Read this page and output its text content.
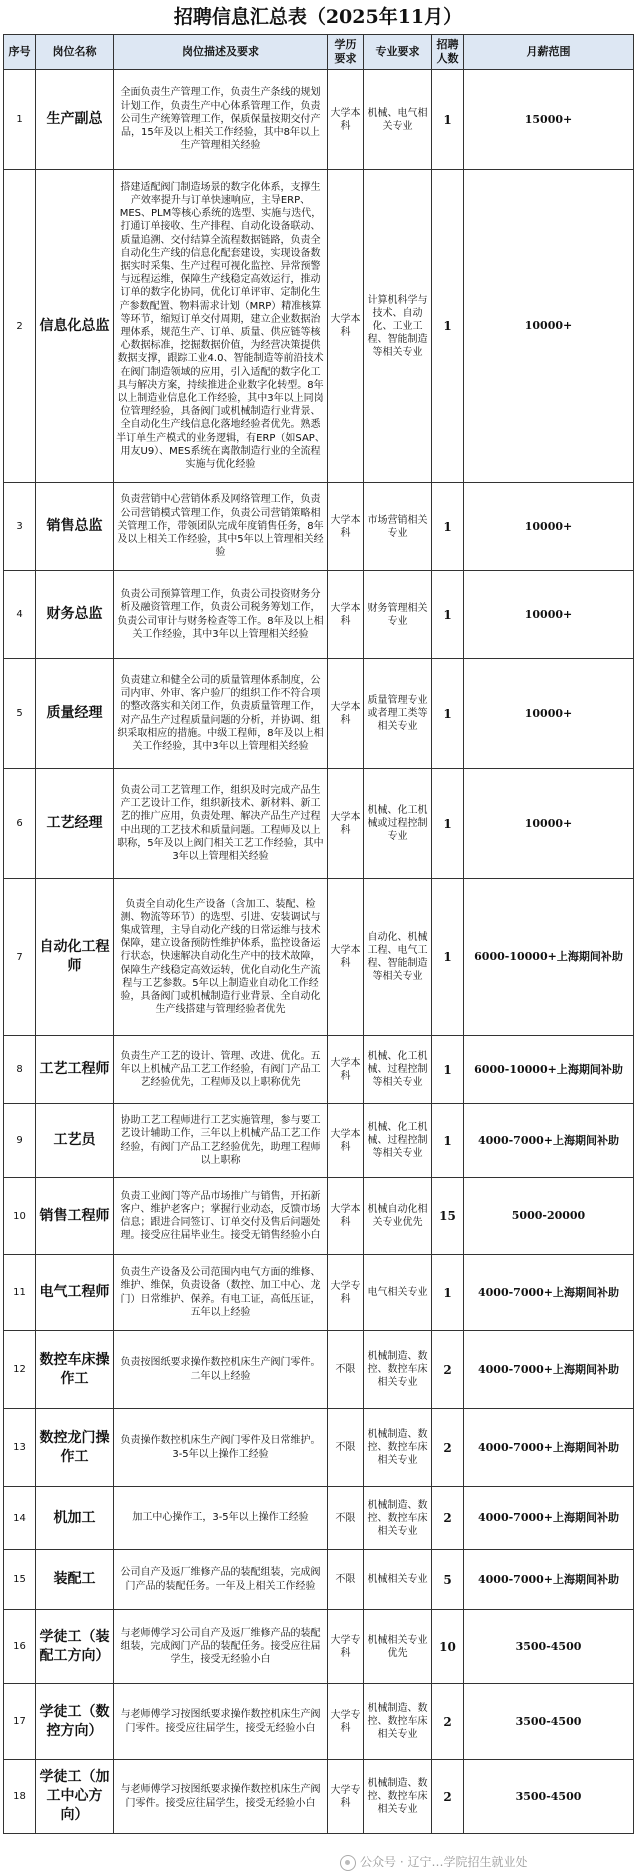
招聘信息汇总表（2025年11月）
序号	岗位名称	岗位描述及要求	学历要求	专业要求	招聘人数	月薪范围
1	生产副总	全面负责生产管理工作，负责生产条线的规划计划工作，负责生产中心体系管理工作，负责公司生产统筹管理工作，保质保量按期交付产品，15年及以上相关工作经验，其中8年以上生产管理相关经验	大学本科	机械、电气相关专业	1	15000+
2	信息化总监	搭建适配阀门制造场景的数字化体系，支撑生产效率提升与订单快速响应，主导ERP、MES、PLM等核心系统的选型、实施与迭代，打通订单接收、生产排程、自动化设备联动、质量追溯、交付结算全流程数据链路，负责全自动化生产线的信息化配套建设，实现设备数据实时采集、生产过程可视化监控、异常预警与远程运维，保障生产线稳定高效运行，推动订单的数字化协同，优化订单评审、定制化生产参数配置、物料需求计划（MRP）精准核算等环节，缩短订单交付周期，建立企业数据治理体系，规范生产、订单、质量、供应链等核心数据标准，挖掘数据价值，为经营决策提供数据支撑，跟踪工业4.0、智能制造等前沿技术在阀门制造领域的应用，引入适配的数字化工具与解决方案，持续推进企业数字化转型。8年以上制造业信息化工作经验，其中3年以上同岗位管理经验，具备阀门或机械制造行业背景、全自动化生产线信息化落地经验者优先。熟悉半订单生产模式的业务逻辑，有ERP（如SAP、用友U9）、MES系统在离散制造行业的全流程实施与优化经验	大学本科	计算机科学与技术、自动化、工业工程、智能制造等相关专业	1	10000+
3	销售总监	负责营销中心营销体系及网络管理工作，负责公司营销模式管理工作，负责公司营销策略相关管理工作，带领团队完成年度销售任务，8年及以上相关工作经验，其中5年以上管理相关经验	大学本科	市场营销相关专业	1	10000+
4	财务总监	负责公司预算管理工作，负责公司投资财务分析及融资管理工作，负责公司税务筹划工作，负责公司审计与财务检查等工作。8年及以上相关工作经验，其中3年以上管理相关经验	大学本科	财务管理相关专业	1	10000+
5	质量经理	负责建立和健全公司的质量管理体系制度，公司内审、外审、客户验厂的组织工作不符合项的整改落实和关闭工作，负责质量管理工作，对产品生产过程质量问题的分析，并协调、组织采取相应的措施。中级工程师，8年及以上相关工作经验，其中3年以上管理相关经验	大学本科	质量管理专业或者理工类等相关专业	1	10000+
6	工艺经理	负责公司工艺管理工作，组织及时完成产品生产工艺设计工作，组织新技术、新材料、新工艺的推广应用，负责处理、解决产品生产过程中出现的工艺技术和质量问题。工程师及以上职称，5年及以上阀门相关工艺工作经验，其中3年以上管理相关经验	大学本科	机械、化工机械或过程控制专业	1	10000+
7	自动化工程师	负责全自动化生产设备（含加工、装配、检测、物流等环节）的选型、引进、安装调试与集成管理，主导自动化产线的日常运维与技术保障，建立设备预防性维护体系，监控设备运行状态，快速解决自动化生产中的技术故障，保障生产线稳定高效运转，优化自动化生产流程与工艺参数。5年以上制造业自动化工作经验，具备阀门或机械制造行业背景、全自动化生产线搭建与管理经验者优先	大学本科	自动化、机械工程、电气工程、智能制造等相关专业	1	6000-10000+上海期间补助
8	工艺工程师	负责生产工艺的设计、管理、改进、优化。五年以上机械产品工艺工作经验，有阀门产品工艺经验优先，工程师及以上职称优先	大学本科	机械、化工机械、过程控制等相关专业	1	6000-10000+上海期间补助
9	工艺员	协助工艺工程师进行工艺实施管理，参与要工艺设计辅助工作，三年以上机械产品工艺工作经验，有阀门产品工艺经验优先，助理工程师以上职称	大学本科	机械、化工机械、过程控制等相关专业	1	4000-7000+上海期间补助
10	销售工程师	负责工业阀门等产品市场推广与销售，开拓新客户、维护老客户；掌握行业动态，反馈市场信息；跟进合同签订、订单交付及售后问题处理。接受应往届毕业生。接受无销售经验小白	大学本科	机械自动化相关专业优先	15	5000-20000
11	电气工程师	负责生产设备及公司范围内电气方面的维修、维护、维保，负责设备（数控、加工中心、龙门）日常维护、保养。有电工证，高低压证，五年以上经验	大学专科	电气相关专业	1	4000-7000+上海期间补助
12	数控车床操作工	负责按图纸要求操作数控机床生产阀门零件。二年以上经验	不限	机械制造、数控、数控车床相关专业	2	4000-7000+上海期间补助
13	数控龙门操作工	负责操作数控机床生产阀门零件及日常维护。3-5年以上操作工经验	不限	机械制造、数控、数控车床相关专业	2	4000-7000+上海期间补助
14	机加工	加工中心操作工，3-5年以上操作工经验	不限	机械制造、数控、数控车床相关专业	2	4000-7000+上海期间补助
15	装配工	公司自产及返厂维修产品的装配组装，完成阀门产品的装配任务。一年及上相关工作经验	不限	机械相关专业	5	4000-7000+上海期间补助
16	学徒工（装配工方向）	与老师傅学习公司自产及返厂维修产品的装配组装，完成阀门产品的装配任务。接受应往届学生，接受无经验小白	大学专科	机械相关专业优先	10	3500-4500
17	学徒工（数控方向）	与老师傅学习按图纸要求操作数控机床生产阀门零件。接受应往届学生，接受无经验小白	大学专科	机械制造、数控、数控车床相关专业	2	3500-4500
18	学徒工（加工中心方向）	与老师傅学习按图纸要求操作数控机床生产阀门零件。接受应往届学生，接受无经验小白	大学专科	机械制造、数控、数控车床相关专业	2	3500-4500
公众号 · 辽宁…学院招生就业处
